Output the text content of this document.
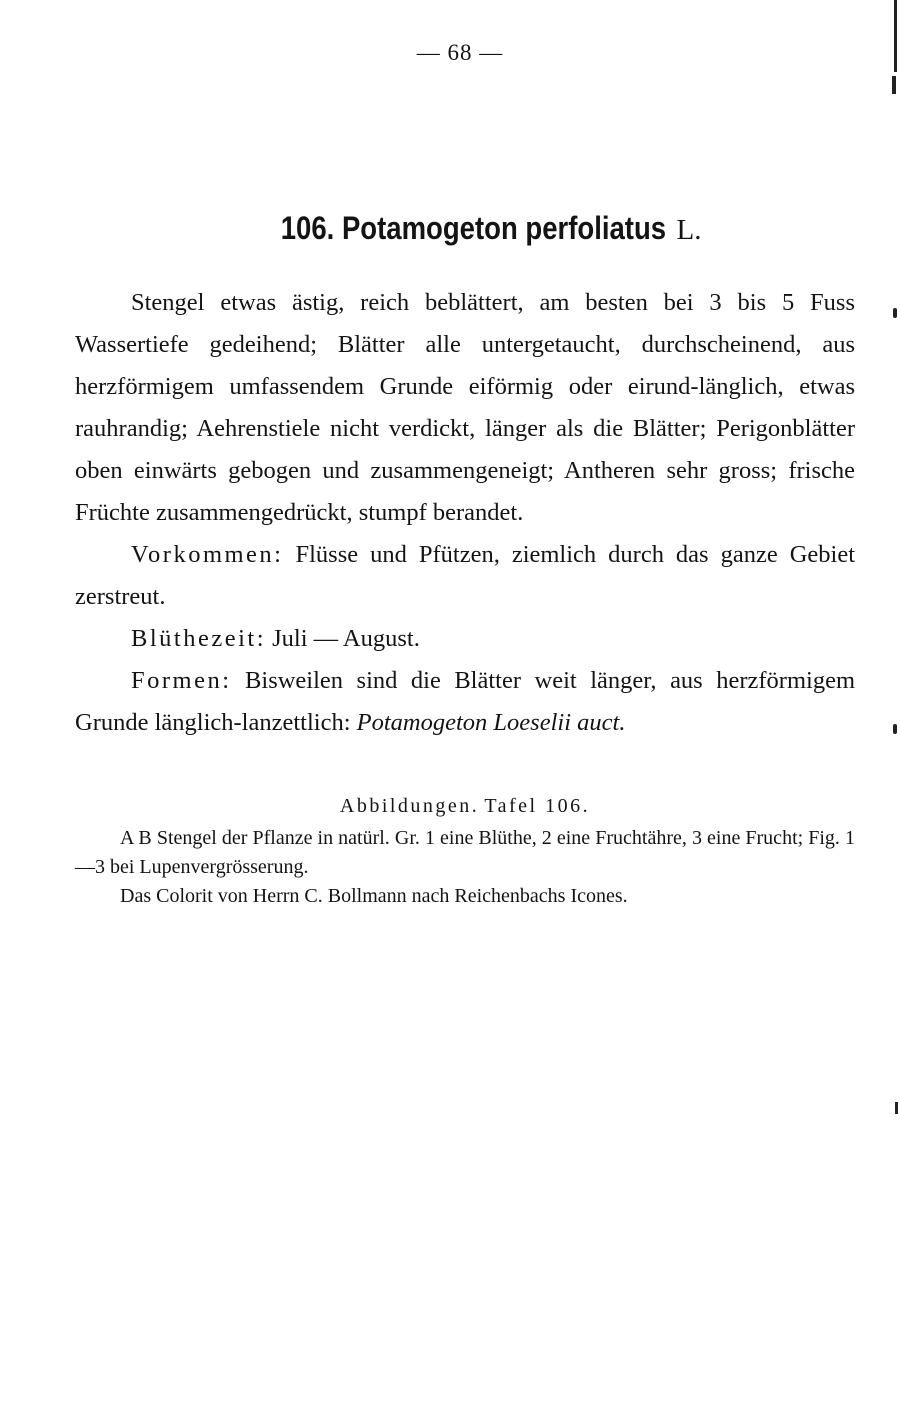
— 68 —
106. Potamogeton perfoliatus L.

Stengel etwas ästig, reich beblättert, am besten bei 3 bis 5 Fuss Wassertiefe gedeihend; Blätter alle untergetaucht, durchscheinend, aus herzförmigem umfassendem Grunde eiförmig oder eirund-länglich, etwas rauhrandig; Aehrenstiele nicht verdickt, länger als die Blätter; Perigonblätter oben einwärts gebogen und zusammengeneigt; Antheren sehr gross; frische Früchte zusammengedrückt, stumpf berandet.

Vorkommen: Flüsse und Pfützen, ziemlich durch das ganze Gebiet zerstreut.

Blüthezeit: Juli — August.

Formen: Bisweilen sind die Blätter weit länger, aus herzförmigem Grunde länglich-lanzettlich: Potamogeton Loeselii auct.

Abbildungen. Tafel 106.

A B Stengel der Pflanze in natürl. Gr. 1 eine Blüthe, 2 eine Fruchtähre, 3 eine Frucht; Fig. 1—3 bei Lupenvergrösserung.

Das Colorit von Herrn C. Bollmann nach Reichenbachs Icones.
